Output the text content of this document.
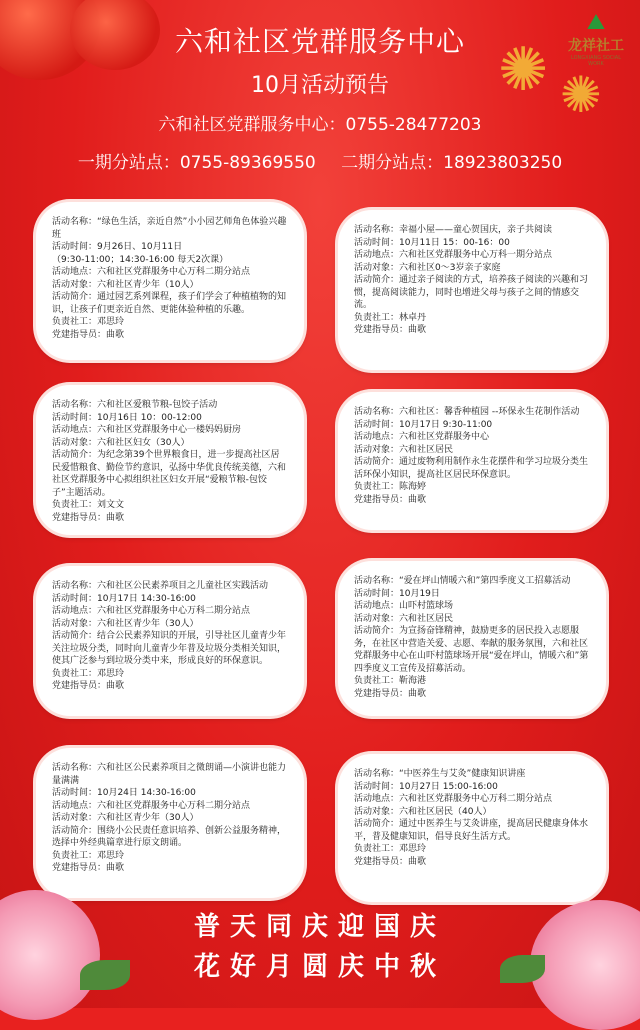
✺ ✺
⛰
龙祥社工
LONGXIANG SOCIAL WORK
六和社区党群服务中心
10月活动预告
六和社区党群服务中心：0755-28477203
一期分站点：0755-89369550 二期分站点：18923803250
活动名称：“绿色生活，亲近自然”小小园艺师角色体验兴趣班
活动时间：9月26日、10月11日
（9:30-11:00；14:30-16:00 每天2次课）
活动地点：六和社区党群服务中心万科二期分站点
活动对象：六和社区青少年（10人）
活动简介：通过园艺系列课程，孩子们学会了种植植物的知识，让孩子们更亲近自然、更能体验种植的乐趣。
负责社工：邓思玲
党建指导员：曲歌
活动名称：幸福小屋——童心贺国庆，亲子共阅读
活动时间：10月11日 15：00-16：00
活动地点：六和社区党群服务中心万科一期分站点
活动对象：六和社区0～3岁亲子家庭
活动简介：通过亲子阅读的方式，培养孩子阅读的兴趣和习惯，提高阅读能力，同时也增进父母与孩子之间的情感交流。
负责社工：林卓丹
党建指导员：曲歌
活动名称：六和社区爱粮节粮-包饺子活动
活动时间：10月16日 10：00-12:00
活动地点：六和社区党群服务中心一楼妈妈厨房
活动对象：六和社区妇女（30人）
活动简介：为纪念第39个世界粮食日，进一步提高社区居民爱惜粮食、勤俭节约意识，弘扬中华优良传统美德，六和社区党群服务中心拟组织社区妇女开展“爱粮节粮-包饺子”主题活动。
负责社工：刘文文
党建指导员：曲歌
活动名称：六和社区：馨香种植园 --环保永生花制作活动
活动时间：10月17日 9:30-11:00
活动地点：六和社区党群服务中心
活动对象：六和社区居民
活动简介：通过废物利用制作永生花摆件和学习垃圾分类生活环保小知识，提高社区居民环保意识。
负责社工：陈海婷
党建指导员：曲歌
活动名称：六和社区公民素养项目之儿童社区实践活动
活动时间：10月17日 14:30-16:00
活动地点：六和社区党群服务中心万科二期分站点
活动对象：六和社区青少年（30人）
活动简介：结合公民素养知识的开展，引导社区儿童青少年关注垃圾分类，同时向儿童青少年普及垃圾分类相关知识，使其广泛参与到垃圾分类中来，形成良好的环保意识。
负责社工：邓思玲
党建指导员：曲歌
活动名称：“爱在坪山情暖六和”第四季度义工招募活动
活动时间：10月19日
活动地点：山吓村篮球场
活动对象：六和社区居民
活动简介：为宣扬奋锋精神，鼓励更多的居民投入志愿服务，在社区中营造关爱、志愿、奉献的服务氛围，六和社区党群服务中心在山吓村篮球场开展“爱在坪山，情暖六和”第四季度义工宣传及招募活动。
负责社工：靳海港
党建指导员：曲歌
活动名称：六和社区公民素养项目之微朗诵—小演讲也能力量满满
活动时间：10月24日 14:30-16:00
活动地点：六和社区党群服务中心万科二期分站点
活动对象：六和社区青少年（30人）
活动简介：围绕小公民责任意识培养、创新公益服务精神，选择中外经典篇章进行原文朗诵。
负责社工：邓思玲
党建指导员：曲歌
活动名称：“中医养生与艾灸”健康知识讲座
活动时间：10月27日 15:00-16:00
活动地点：六和社区党群服务中心万科二期分站点
活动对象：六和社区居民（40人）
活动简介：通过中医养生与艾灸讲座，提高居民健康身体水平，普及健康知识，倡导良好生活方式。
负责社工：邓思玲
党建指导员：曲歌
普天同庆迎国庆
花好月圆庆中秋
